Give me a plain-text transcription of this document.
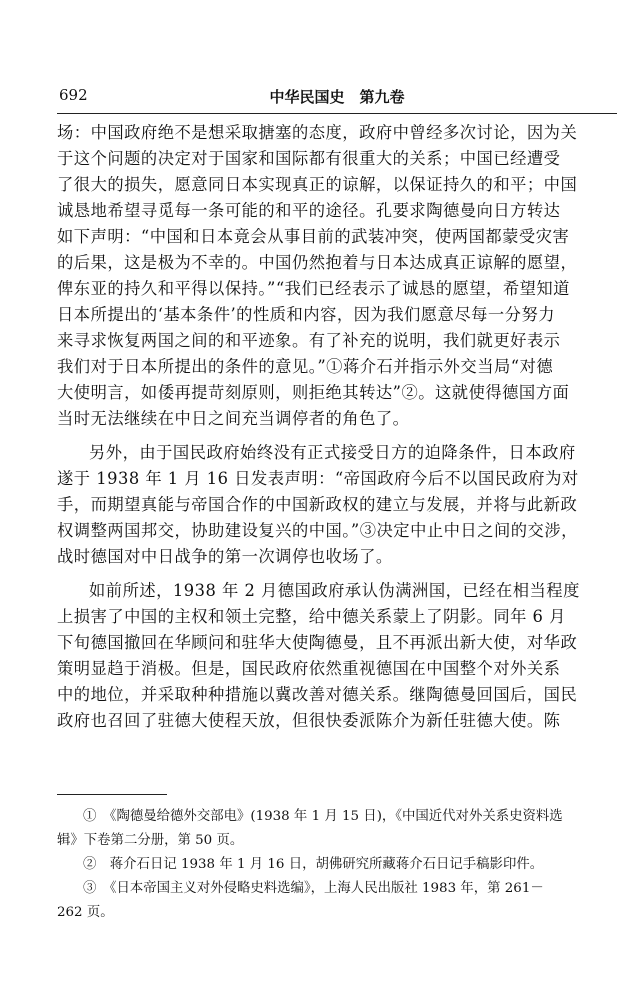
692	中华民国史　第九卷
场：中国政府绝不是想采取搪塞的态度，政府中曾经多次讨论，因为关
于这个问题的决定对于国家和国际都有很重大的关系；中国已经遭受
了很大的损失，愿意同日本实现真正的谅解，以保证持久的和平；中国
诚恳地希望寻觅每一条可能的和平的途径。孔要求陶德曼向日方转达
如下声明：“中国和日本竟会从事目前的武装冲突，使两国都蒙受灾害
的后果，这是极为不幸的。中国仍然抱着与日本达成真正谅解的愿望，
俾东亚的持久和平得以保持。”“我们已经表示了诚恳的愿望，希望知道
日本所提出的‘基本条件’的性质和内容，因为我们愿意尽每一分努力
来寻求恢复两国之间的和平迹象。有了补充的说明，我们就更好表示
我们对于日本所提出的条件的意见。”①蒋介石并指示外交当局“对德
大使明言，如倭再提苛刻原则，则拒绝其转达”②。这就使得德国方面
当时无法继续在中日之间充当调停者的角色了。
另外，由于国民政府始终没有正式接受日方的迫降条件，日本政府
遂于 1938 年 1 月 16 日发表声明：“帝国政府今后不以国民政府为对
手，而期望真能与帝国合作的中国新政权的建立与发展，并将与此新政
权调整两国邦交，协助建设复兴的中国。”③决定中止中日之间的交涉，
战时德国对中日战争的第一次调停也收场了。
如前所述，1938 年 2 月德国政府承认伪满洲国，已经在相当程度
上损害了中国的主权和领土完整，给中德关系蒙上了阴影。同年 6 月
下旬德国撤回在华顾问和驻华大使陶德曼，且不再派出新大使，对华政
策明显趋于消极。但是，国民政府依然重视德国在中国整个对外关系
中的地位，并采取种种措施以冀改善对德关系。继陶德曼回国后，国民
政府也召回了驻德大使程天放，但很快委派陈介为新任驻德大使。陈
①　《陶德曼给德外交部电》(1938 年 1 月 15 日)，《中国近代对外关系史资料选
辑》下卷第二分册，第 50 页。
②　蒋介石日记 1938 年 1 月 16 日，胡佛研究所藏蒋介石日记手稿影印件。
③　《日本帝国主义对外侵略史料选编》，上海人民出版社 1983 年，第 261－
262 页。
